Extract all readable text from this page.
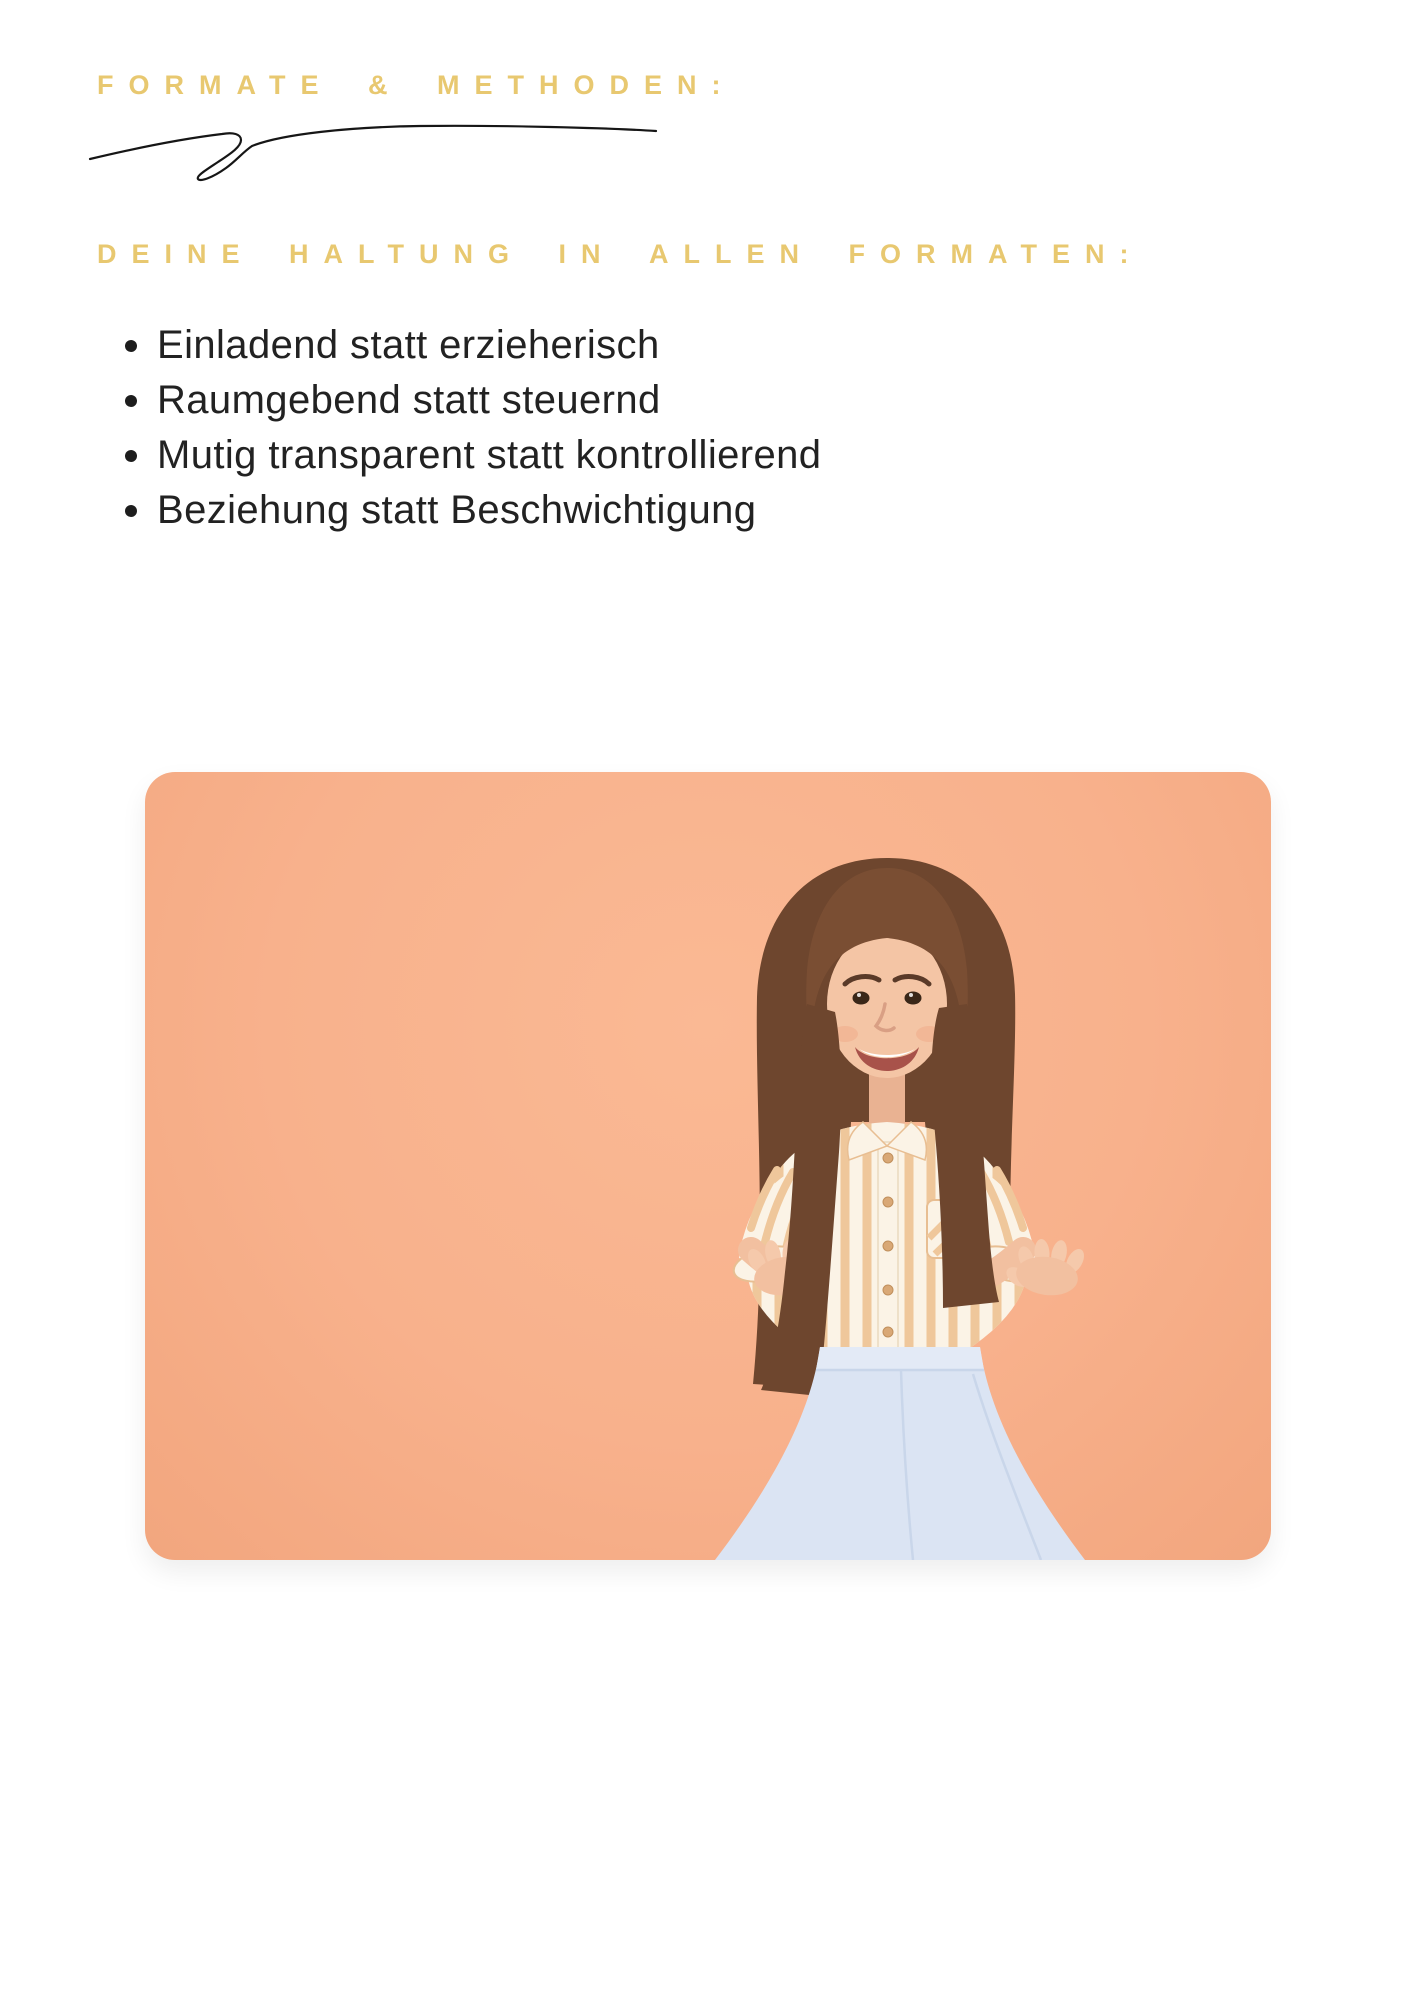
FORMATE & METHODEN:
DEINE HALTUNG IN ALLEN FORMATEN:
Einladend statt erzieherisch
Raumgebend statt steuernd
Mutig transparent statt kontrollierend
Beziehung statt Beschwichtigung
